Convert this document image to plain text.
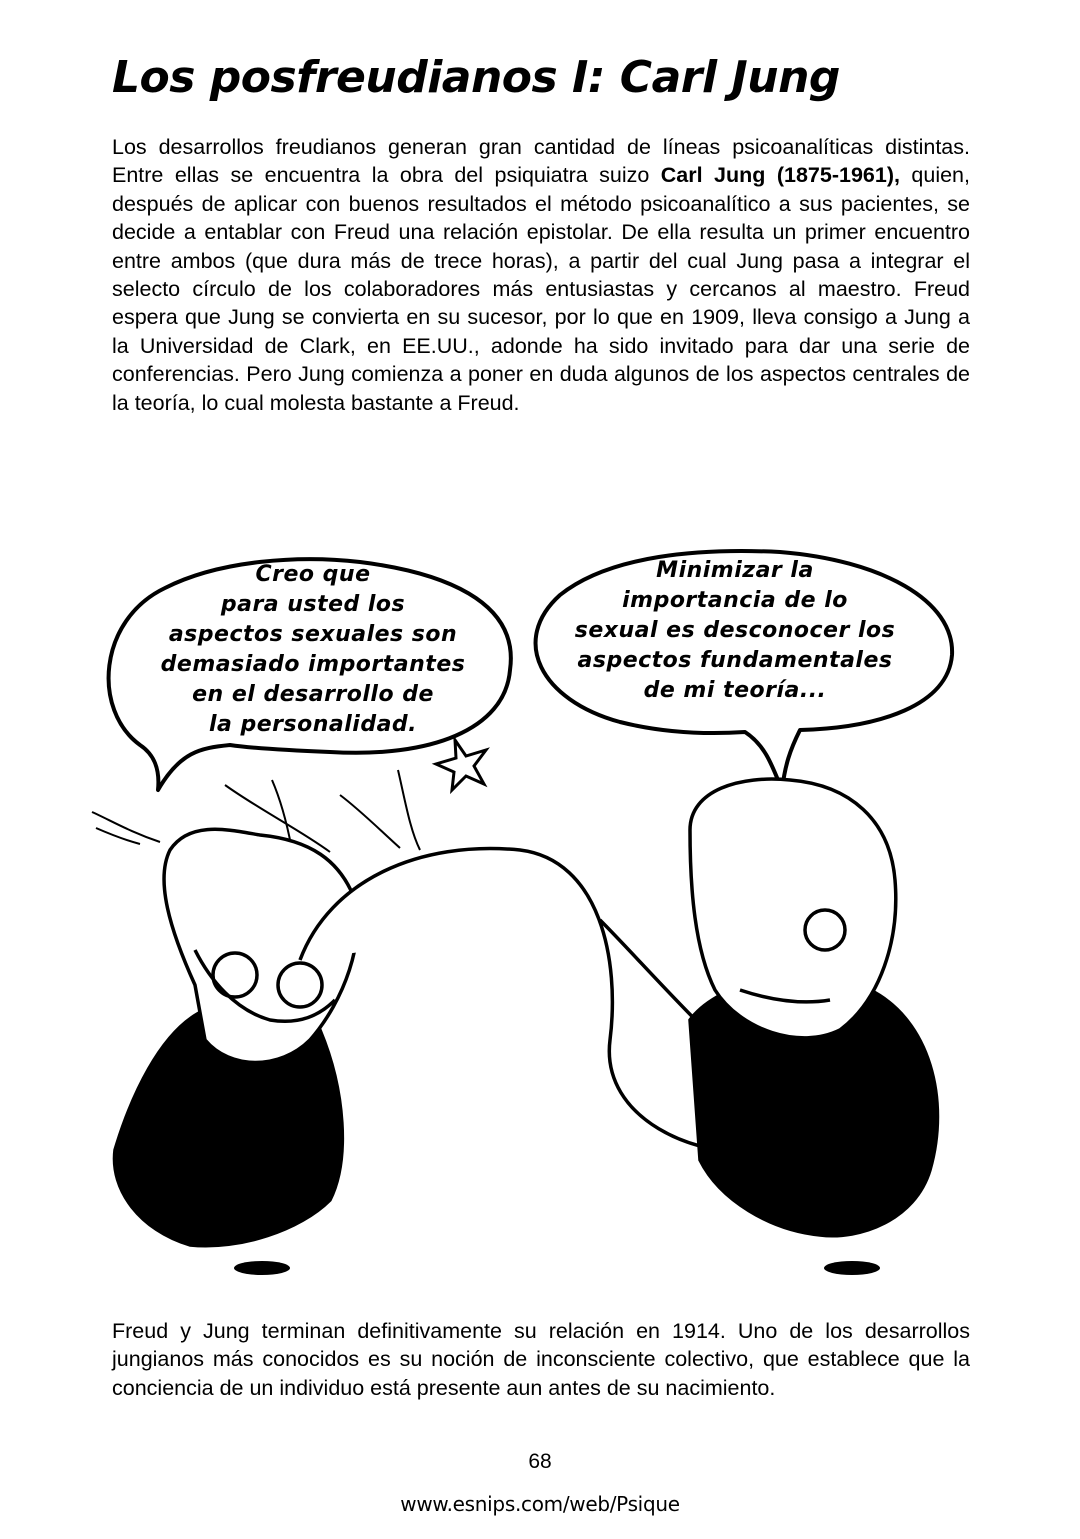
Los posfreudianos I: Carl Jung

Los desarrollos freudianos generan gran cantidad de líneas psicoanalíticas distintas. Entre ellas se encuentra la obra del psiquiatra suizo Carl Jung (1875-1961), quien, después de aplicar con buenos resultados el método psicoanalítico a sus pacientes, se decide a entablar con Freud una relación epistolar. De ella resulta un primer encuentro entre ambos (que dura más de trece horas), a partir del cual Jung pasa a integrar el selecto círculo de los colaboradores más entusiastas y cercanos al maestro. Freud espera que Jung se convierta en su sucesor, por lo que en 1909, lleva consigo a Jung a la Universidad de Clark, en EE.UU., adonde ha sido invitado para dar una serie de conferencias. Pero Jung comienza a poner en duda algunos de los aspectos centrales de la teoría, lo cual molesta bastante a Freud.

Creo que
para usted los
aspectos sexuales son
demasiado importantes
en el desarrollo de
la personalidad.
Minimizar la
importancia de lo
sexual es desconocer los
aspectos fundamentales
de mi teoría...

Freud y Jung terminan definitivamente su relación en 1914. Uno de los desarrollos jungianos más conocidos es su noción de inconsciente colectivo, que establece que la conciencia de un individuo está presente aun antes de su nacimiento.

68

www.esnips.com/web/Psique
